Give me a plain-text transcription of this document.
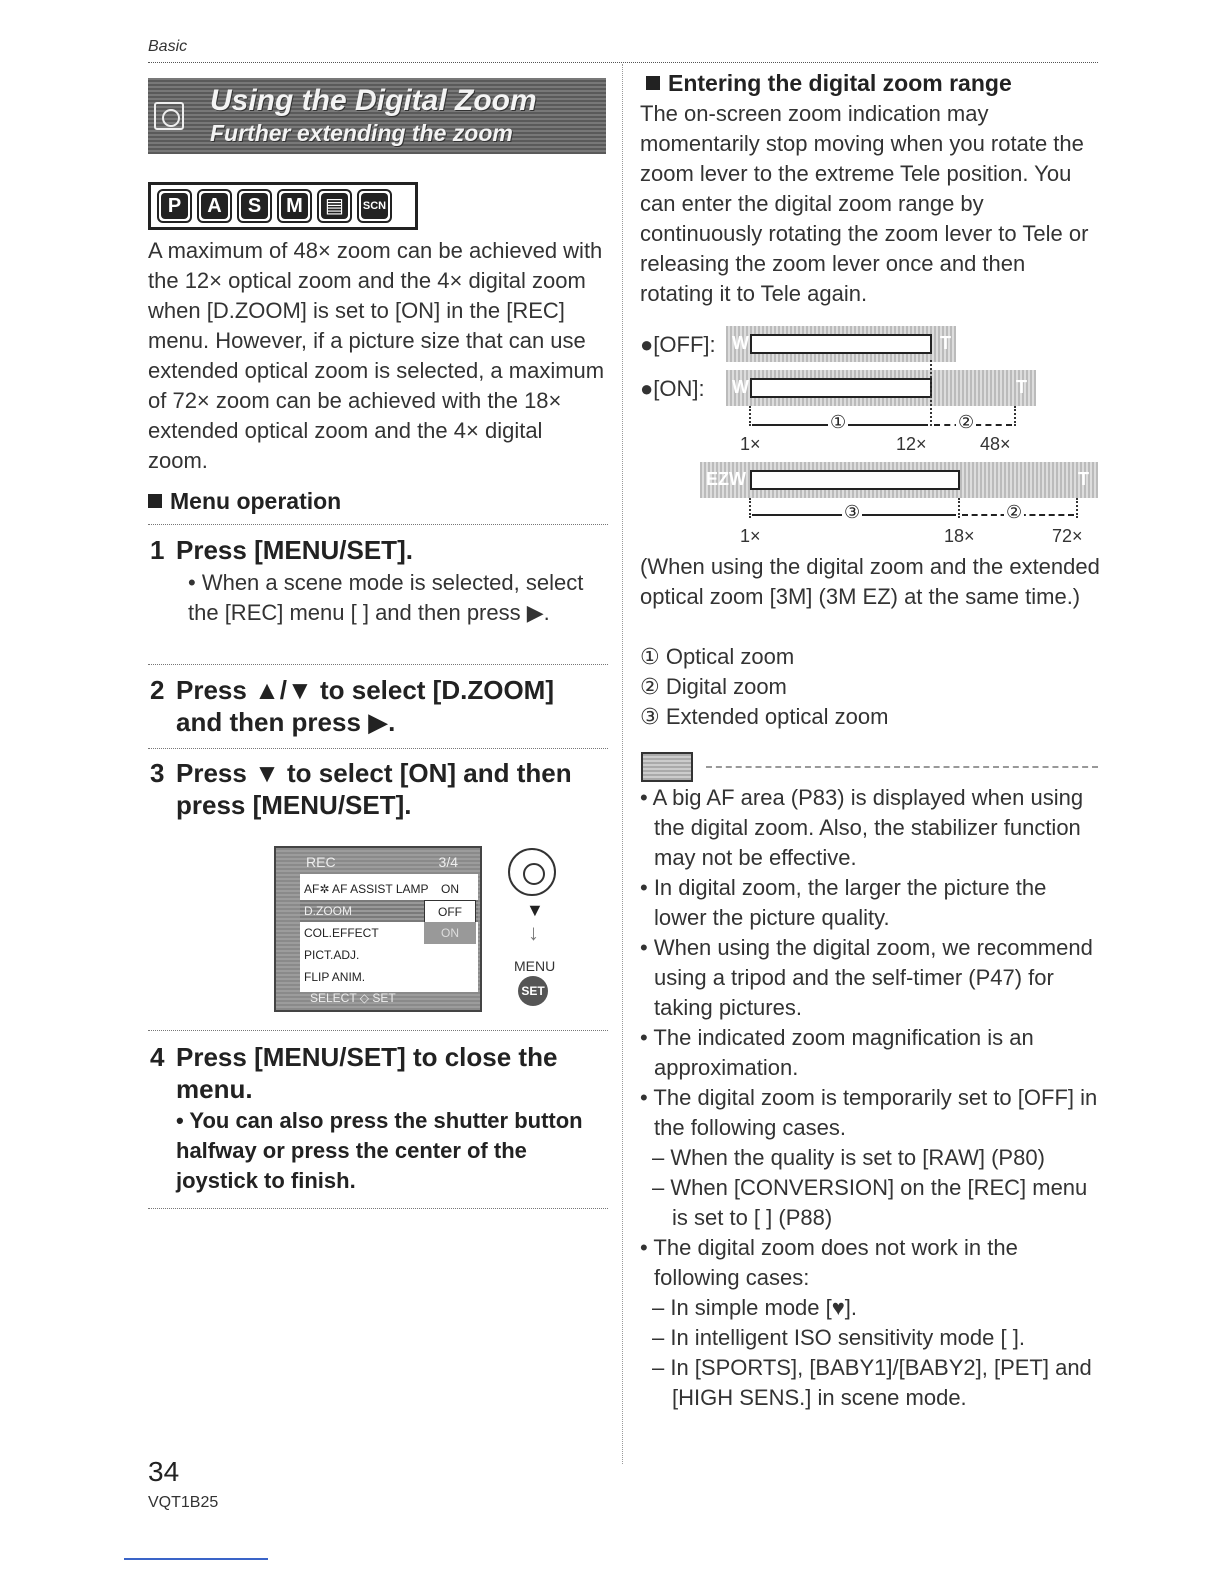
Basic
Using the Digital Zoom
Further extending the zoom
P	A	S	M ▤	SCN
A maximum of 48× zoom can be achieved with the 12× optical zoom and the 4× digital zoom when [D.ZOOM] is set to [ON] in the [REC] menu. However, if a picture size that can use extended optical zoom is selected, a maximum of 72× zoom can be achieved with the 18× extended optical zoom and the 4× digital zoom.
Menu operation
1 Press [MENU/SET].
• When a scene mode is selected, select the [REC] menu [ ] and then press ▶.
2 Press ▲/▼ to select [D.ZOOM]
and then press ▶.
3 Press ▼ to select [ON] and then
press [MENU/SET].
REC	3/4
AF✲ AF ASSIST LAMP	ON
D.ZOOM	OFF
COL.EFFECT	ON
PICT.ADJ.
FLIP ANIM.
SELECT ◇ SET
▼
↓
MENU
SET
4 Press [MENU/SET] to close the
menu.
• You can also press the shutter button halfway or press the center of the joystick to finish.
Entering the digital zoom range
The on-screen zoom indication may momentarily stop moving when you rotate the zoom lever to the extreme Tele position. You can enter the digital zoom range by continuously rotating the zoom lever to Tele or releasing the zoom lever once and then rotating it to Tele again.
●[OFF]: W	T
●[ON]: W	T
①	②
1×	12×	48×
EZW	T
③	②
1×	18×	72×
(When using the digital zoom and the extended optical zoom [3M] (3M EZ) at the same time.)
① Optical zoom
② Digital zoom
③ Extended optical zoom
• A big AF area (P83) is displayed when using the digital zoom. Also, the stabilizer function may not be effective.
• In digital zoom, the larger the picture the lower the picture quality.
• When using the digital zoom, we recommend using a tripod and the self-timer (P47) for taking pictures.
• The indicated zoom magnification is an approximation.
• The digital zoom is temporarily set to [OFF] in the following cases.
– When the quality is set to [RAW] (P80)
– When [CONVERSION] on the [REC] menu is set to [ ] (P88)
• The digital zoom does not work in the following cases:
– In simple mode [♥].
– In intelligent ISO sensitivity mode [ ].
– In [SPORTS], [BABY1]/[BABY2], [PET] and [HIGH SENS.] in scene mode.
34
VQT1B25
